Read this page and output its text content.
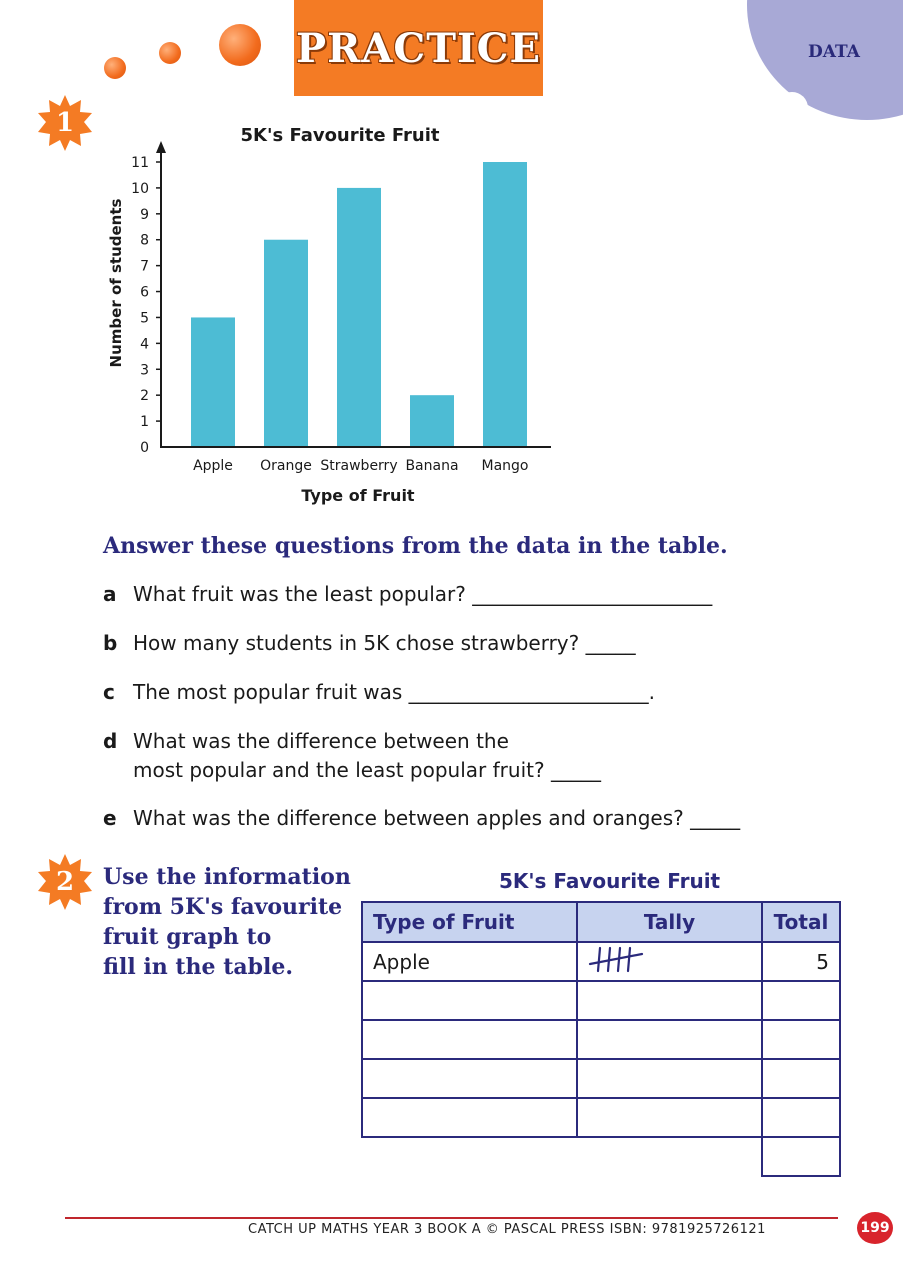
PRACTICE	DATA
1	5K's Favourite Fruit
0
1
2
3
4
5
6
7
8
9
10
11
Apple Orange Strawberry Banana Mango
Number of students
Type of Fruit
Answer these questions from the data in the table.
a What fruit was the least popular? ________________________
b How many students in 5K chose strawberry? _____
c The most popular fruit was ________________________.
d What was the difference between the
most popular and the least popular fruit? _____
e What was the difference between apples and oranges? _____
2	Use the information
from 5K's favourite
fruit graph to
fill in the table.
5K's Favourite Fruit
Type of Fruit	Tally	Total
Apple		5

CATCH UP MATHS YEAR 3 BOOK A © PASCAL PRESS ISBN: 9781925726121	199
